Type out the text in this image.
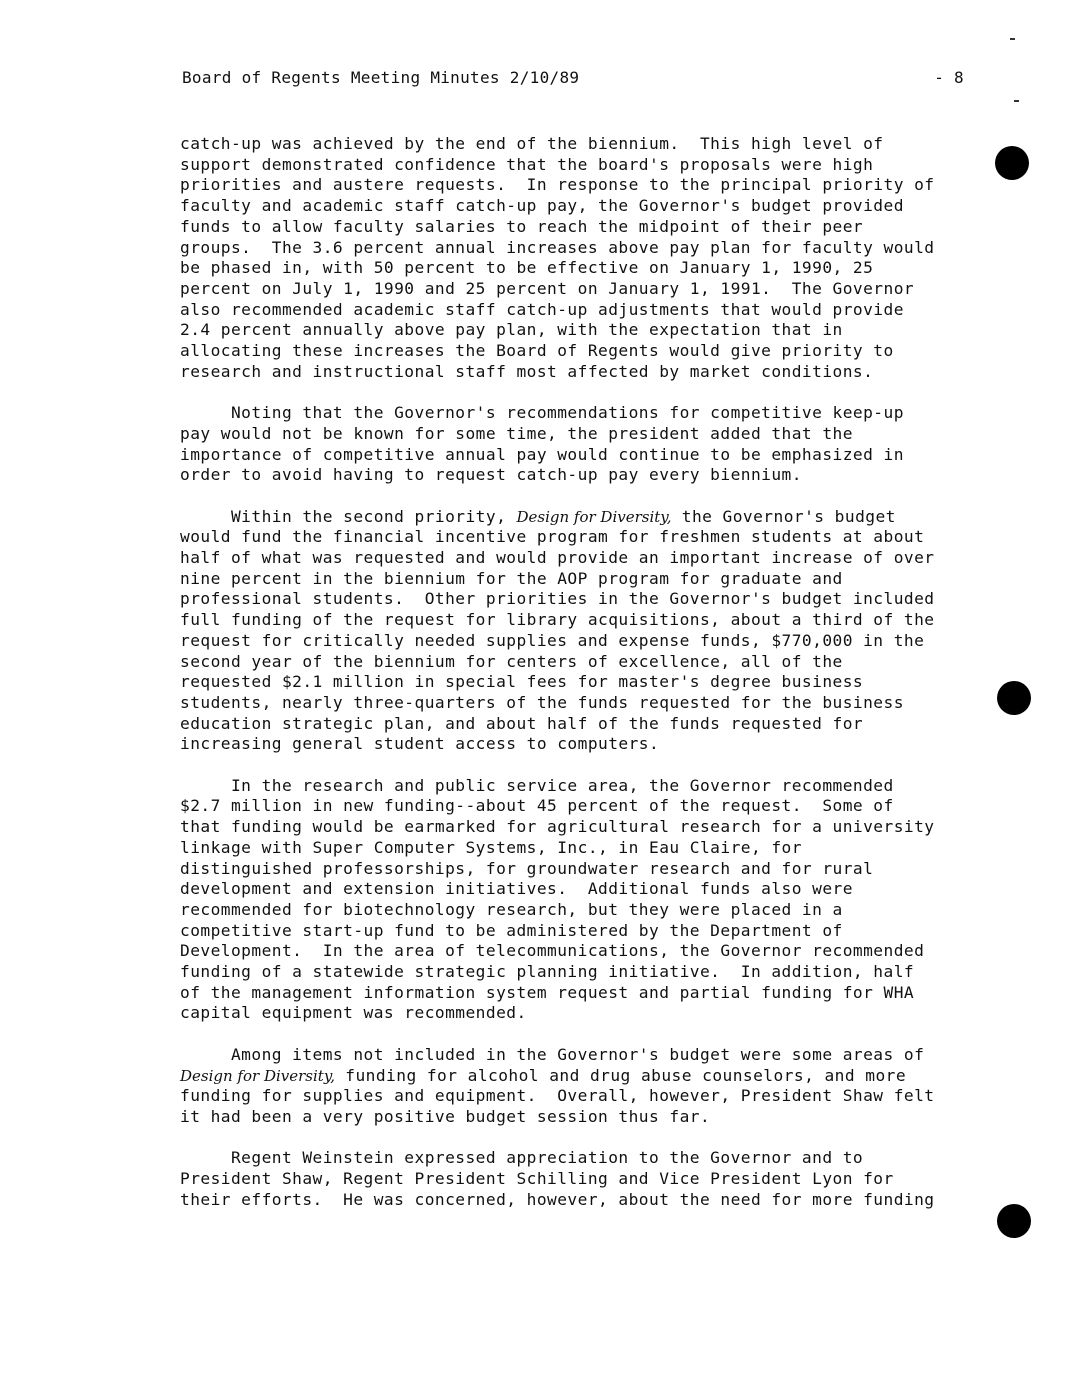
Board of Regents Meeting Minutes 2/10/89	- 8

catch-up was achieved by the end of the biennium.  This high level of
support demonstrated confidence that the board's proposals were high
priorities and austere requests.  In response to the principal priority of
faculty and academic staff catch-up pay, the Governor's budget provided
funds to allow faculty salaries to reach the midpoint of their peer
groups.  The 3.6 percent annual increases above pay plan for faculty would
be phased in, with 50 percent to be effective on January 1, 1990, 25
percent on July 1, 1990 and 25 percent on January 1, 1991.  The Governor
also recommended academic staff catch-up adjustments that would provide
2.4 percent annually above pay plan, with the expectation that in
allocating these increases the Board of Regents would give priority to
research and instructional staff most affected by market conditions.

Noting that the Governor's recommendations for competitive keep-up
pay would not be known for some time, the president added that the
importance of competitive annual pay would continue to be emphasized in
order to avoid having to request catch-up pay every biennium.

Within the second priority, Design for Diversity, the Governor's budget
would fund the financial incentive program for freshmen students at about
half of what was requested and would provide an important increase of over
nine percent in the biennium for the AOP program for graduate and
professional students.  Other priorities in the Governor's budget included
full funding of the request for library acquisitions, about a third of the
request for critically needed supplies and expense funds, $770,000 in the
second year of the biennium for centers of excellence, all of the
requested $2.1 million in special fees for master's degree business
students, nearly three-quarters of the funds requested for the business
education strategic plan, and about half of the funds requested for
increasing general student access to computers.

In the research and public service area, the Governor recommended
$2.7 million in new funding--about 45 percent of the request.  Some of
that funding would be earmarked for agricultural research for a university
linkage with Super Computer Systems, Inc., in Eau Claire, for
distinguished professorships, for groundwater research and for rural
development and extension initiatives.  Additional funds also were
recommended for biotechnology research, but they were placed in a
competitive start-up fund to be administered by the Department of
Development.  In the area of telecommunications, the Governor recommended
funding of a statewide strategic planning initiative.  In addition, half
of the management information system request and partial funding for WHA
capital equipment was recommended.

Among items not included in the Governor's budget were some areas of
Design for Diversity, funding for alcohol and drug abuse counselors, and more
funding for supplies and equipment.  Overall, however, President Shaw felt
it had been a very positive budget session thus far.

Regent Weinstein expressed appreciation to the Governor and to
President Shaw, Regent President Schilling and Vice President Lyon for
their efforts.  He was concerned, however, about the need for more funding
